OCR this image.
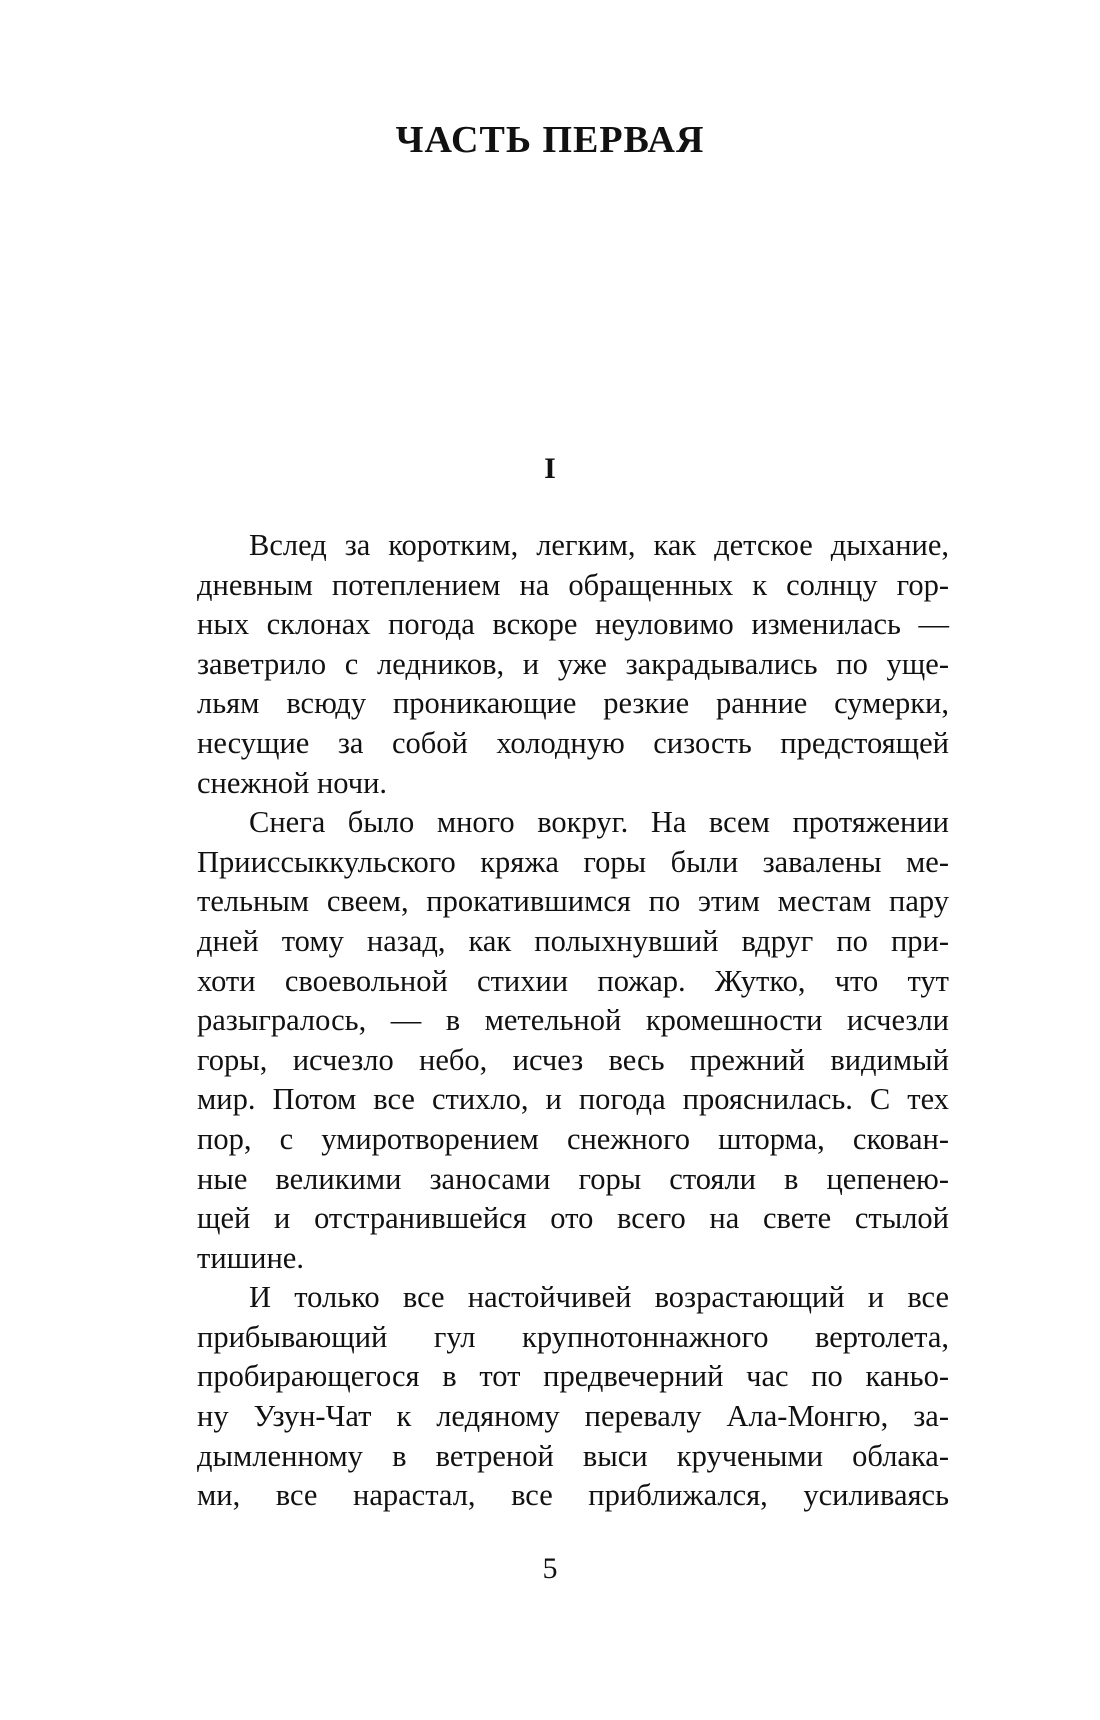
ЧАСТЬ ПЕРВАЯ
I
Вслед за коротким, легким, как детское дыхание,
дневным потеплением на обращенных к солнцу гор-
ных склонах погода вскоре неуловимо изменилась —
заветрило с ледников, и уже закрадывались по уще-
льям всюду проникающие резкие ранние сумерки,
несущие за собой холодную сизость предстоящей
снежной ночи.
Снега было много вокруг. На всем протяжении
Приисcыккульского кряжа горы были завалены ме-
тельным свеем, прокатившимся по этим местам пару
дней тому назад, как полыхнувший вдруг по при-
хоти своевольной стихии пожар. Жутко, что тут
разыгралось, — в метельной кромешности исчезли
горы, исчезло небо, исчез весь прежний видимый
мир. Потом все стихло, и погода прояснилась. С тех
пор, с умиротворением снежного шторма, скован-
ные великими заносами горы стояли в цепенею-
щей и отстранившейся ото всего на свете стылой
тишине.
И только все настойчивей возрастающий и все
прибывающий гул крупнотоннажного вертолета,
пробирающегося в тот предвечерний час по каньо-
ну Узун-Чат к ледяному перевалу Ала-Монгю, за-
дымленному в ветреной выси кручеными облака-
ми, все нарастал, все приближался, усиливаясь
5
